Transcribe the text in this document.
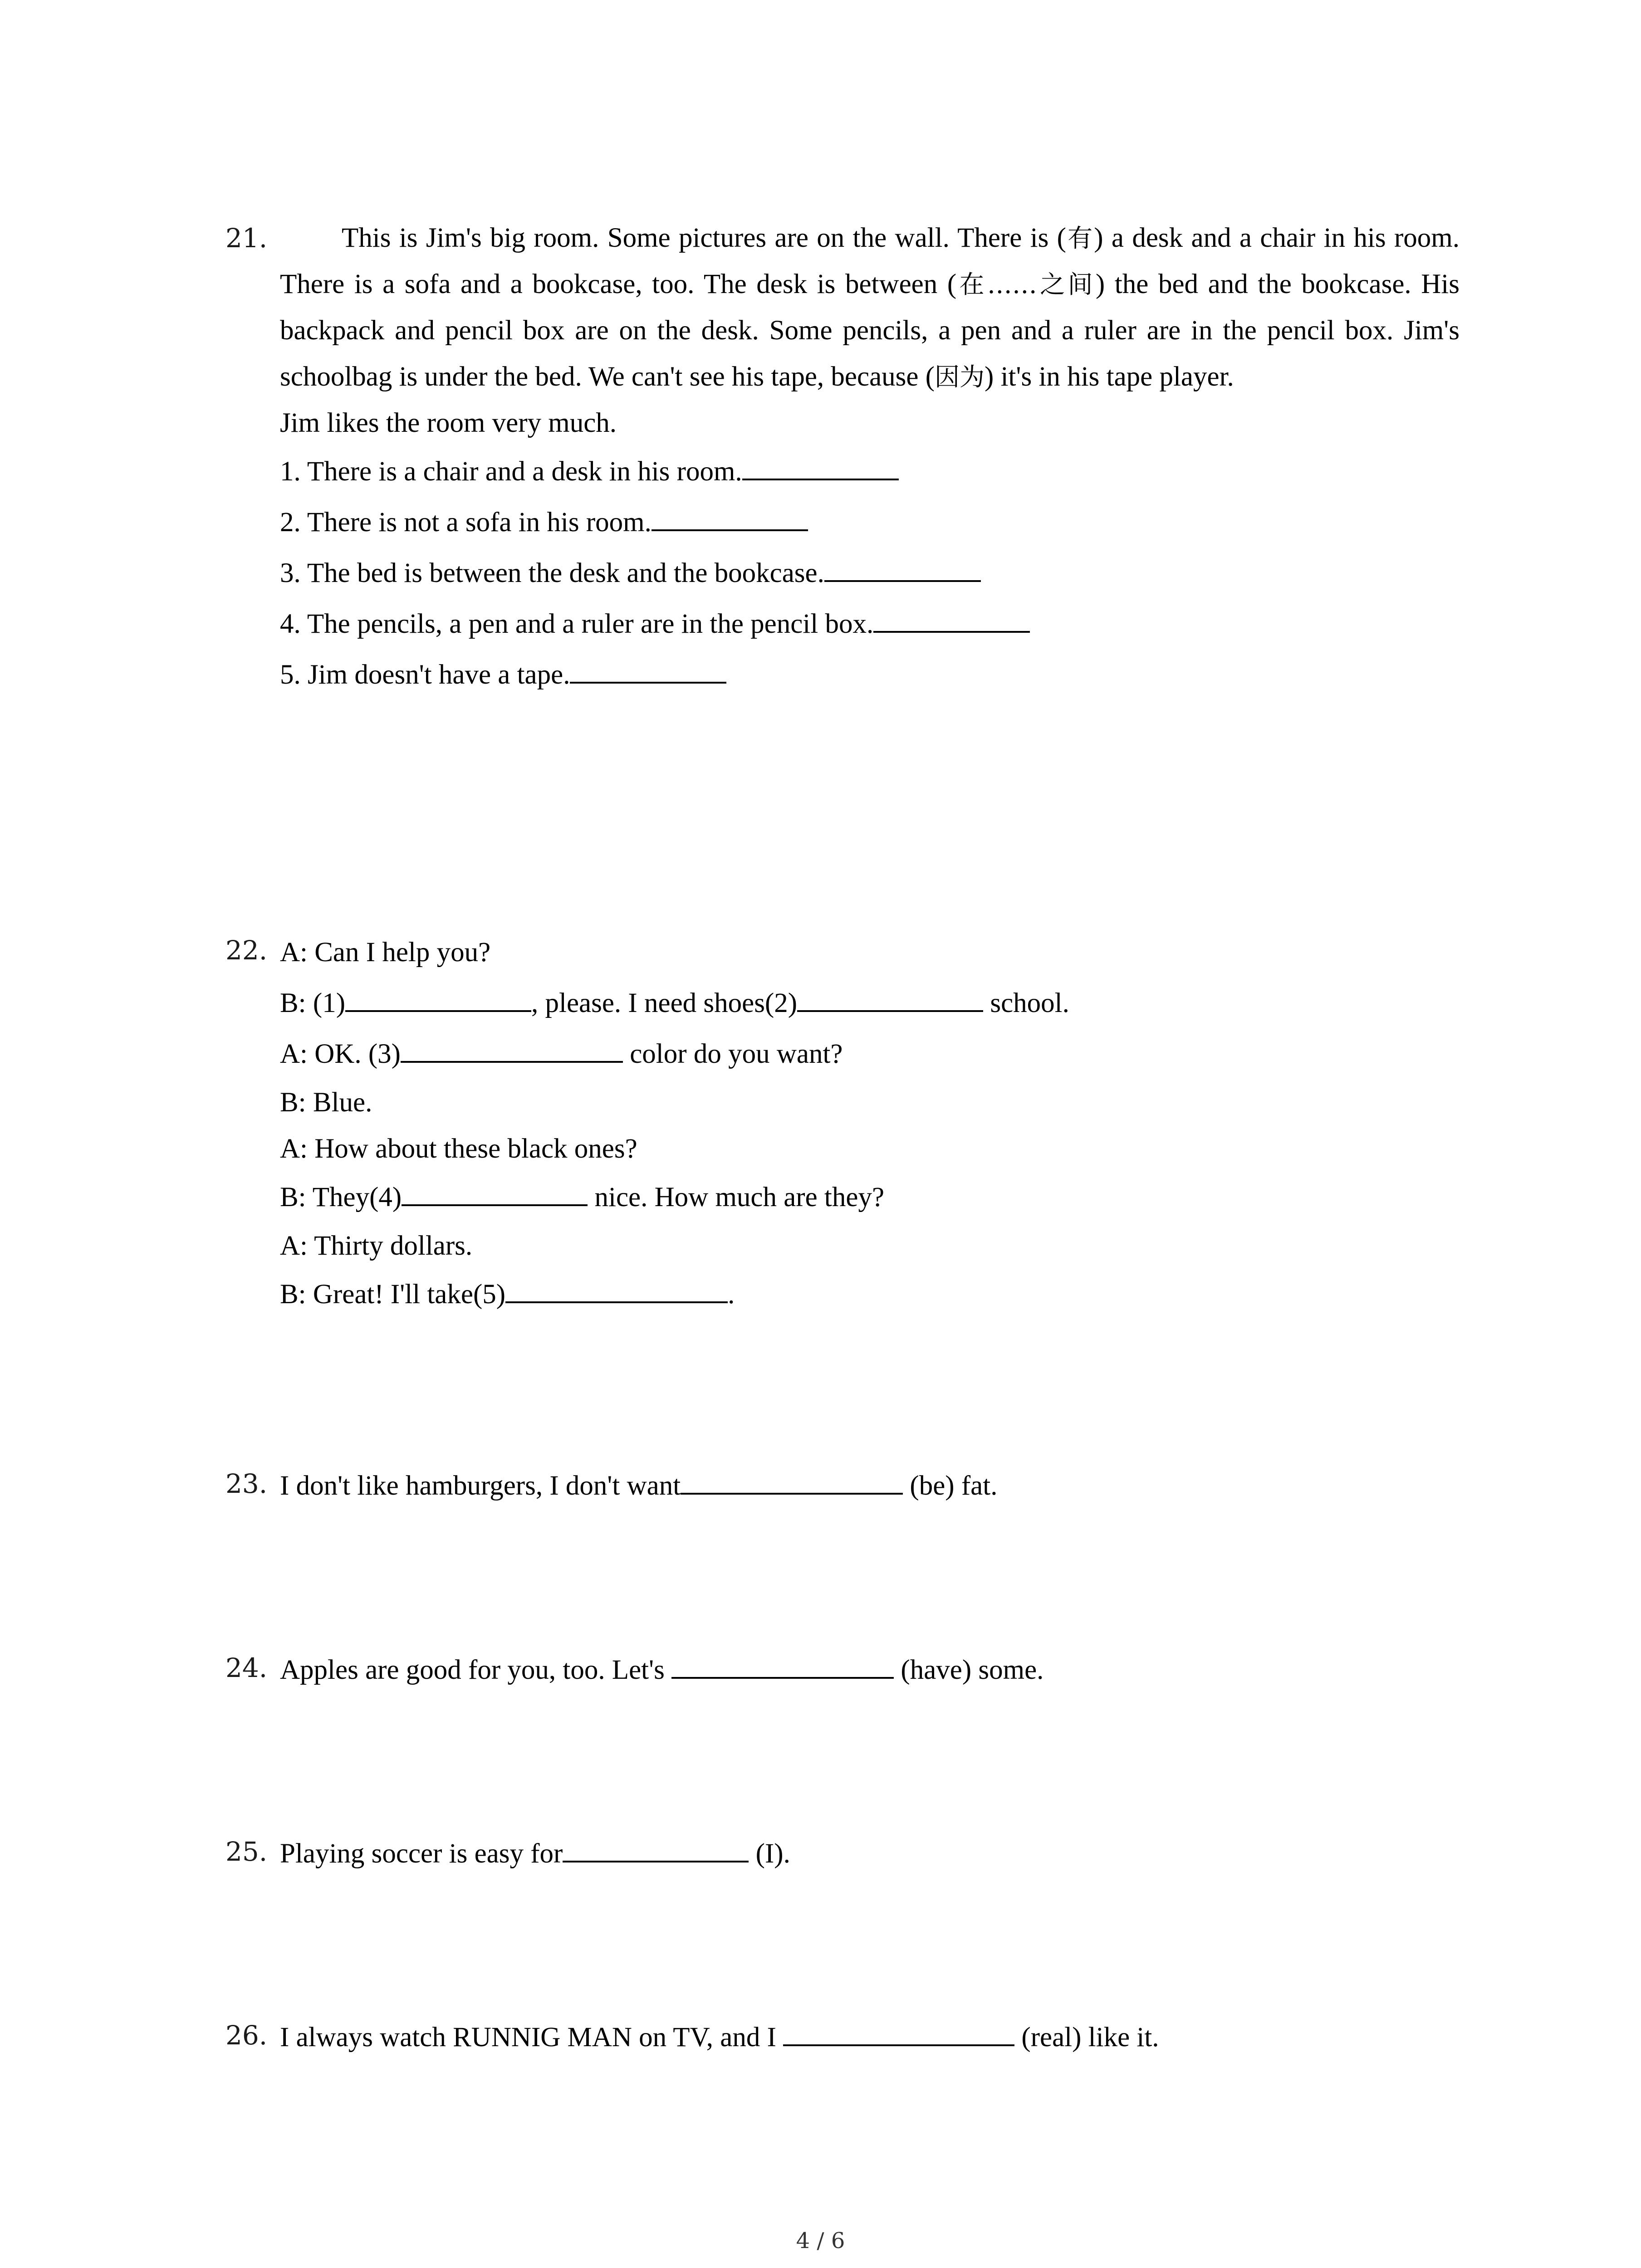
21.	This is Jim's big room. Some pictures are on the wall. There is (有) a desk and a chair in his room. There is a sofa and a bookcase, too. The desk is between (在……之间) the bed and the bookcase. His backpack and pencil box are on the desk. Some pencils, a pen and a ruler are in the pencil box. Jim's schoolbag is under the bed. We can't see his tape, because (因为) it's in his tape player.
Jim likes the room very much.
1. There is a chair and a desk in his room.
2. There is not a sofa in his room.
3. The bed is between the desk and the bookcase.
4. The pencils, a pen and a ruler are in the pencil box.
5. Jim doesn't have a tape.
22. A: Can I help you?
B: (1)	, please. I need shoes(2)	school.
A: OK. (3)	color do you want?
B: Blue.
A: How about these black ones?
B: They(4)	nice. How much are they?
A: Thirty dollars.
B: Great! I'll take(5)	.
23. I don't like hamburgers, I don't want	(be) fat.
24. Apples are good for you, too. Let's	(have) some.
25. Playing soccer is easy for	(I).
26. I always watch RUNNIG MAN on TV, and I	(real) like it.
4 / 6
